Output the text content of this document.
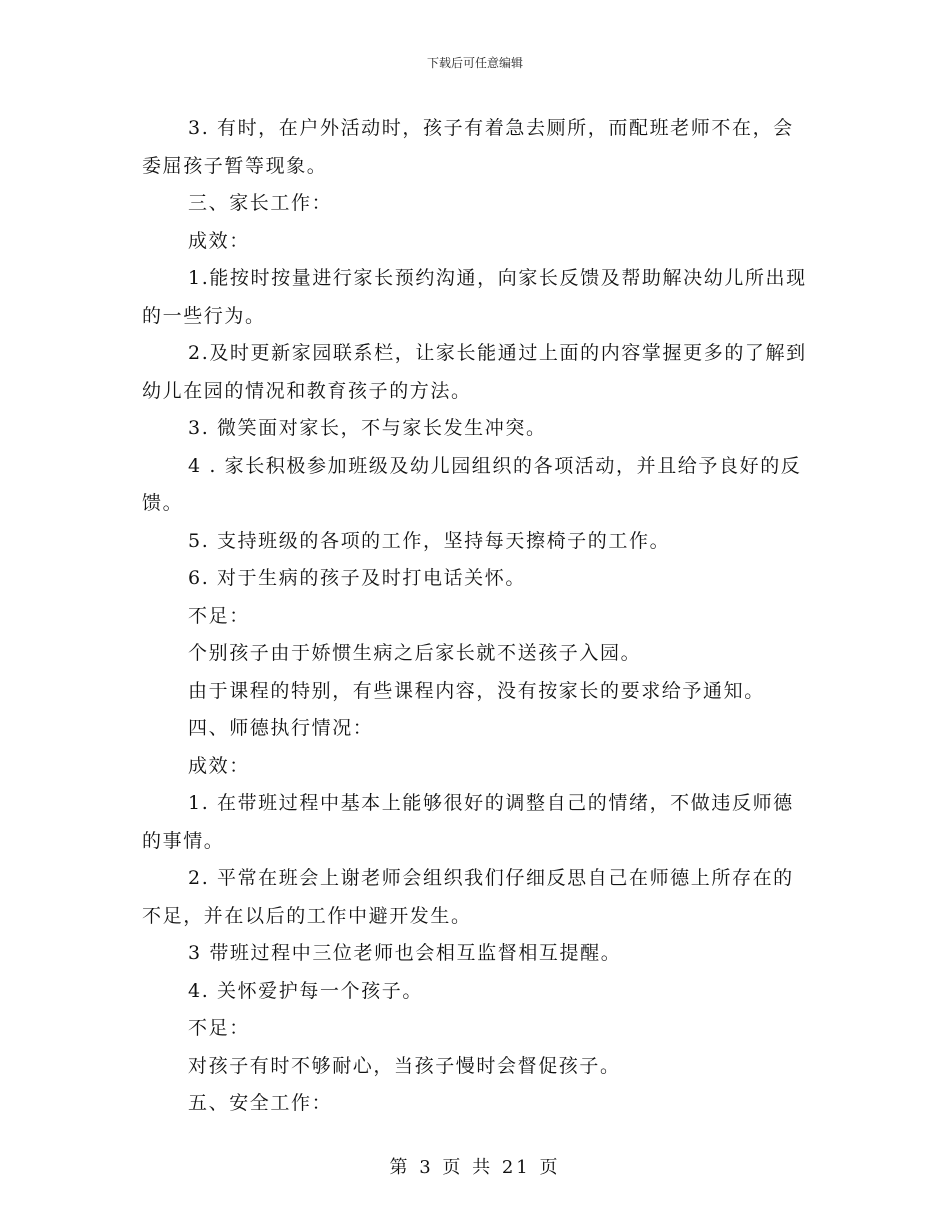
下载后可任意编辑

3. 有时，在户外活动时，孩子有着急去厕所，而配班老师不在，会委屈孩子暂等现象。

三、家长工作：

成效：

1.能按时按量进行家长预约沟通，向家长反馈及帮助解决幼儿所出现的一些行为。

2.及时更新家园联系栏，让家长能通过上面的内容掌握更多的了解到幼儿在园的情况和教育孩子的方法。

3. 微笑面对家长，不与家长发生冲突。

4 . 家长积极参加班级及幼儿园组织的各项活动，并且给予良好的反馈。

5. 支持班级的各项的工作，坚持每天擦椅子的工作。

6. 对于生病的孩子及时打电话关怀。

不足：

个别孩子由于娇惯生病之后家长就不送孩子入园。

由于课程的特别，有些课程内容，没有按家长的要求给予通知。

四、师德执行情况：

成效：

1. 在带班过程中基本上能够很好的调整自己的情绪，不做违反师德的事情。

2. 平常在班会上谢老师会组织我们仔细反思自己在师德上所存在的不足，并在以后的工作中避开发生。

3 带班过程中三位老师也会相互监督相互提醒。

4. 关怀爱护每一个孩子。

不足：

对孩子有时不够耐心，当孩子慢时会督促孩子。

五、安全工作：

第 3 页 共 21 页
